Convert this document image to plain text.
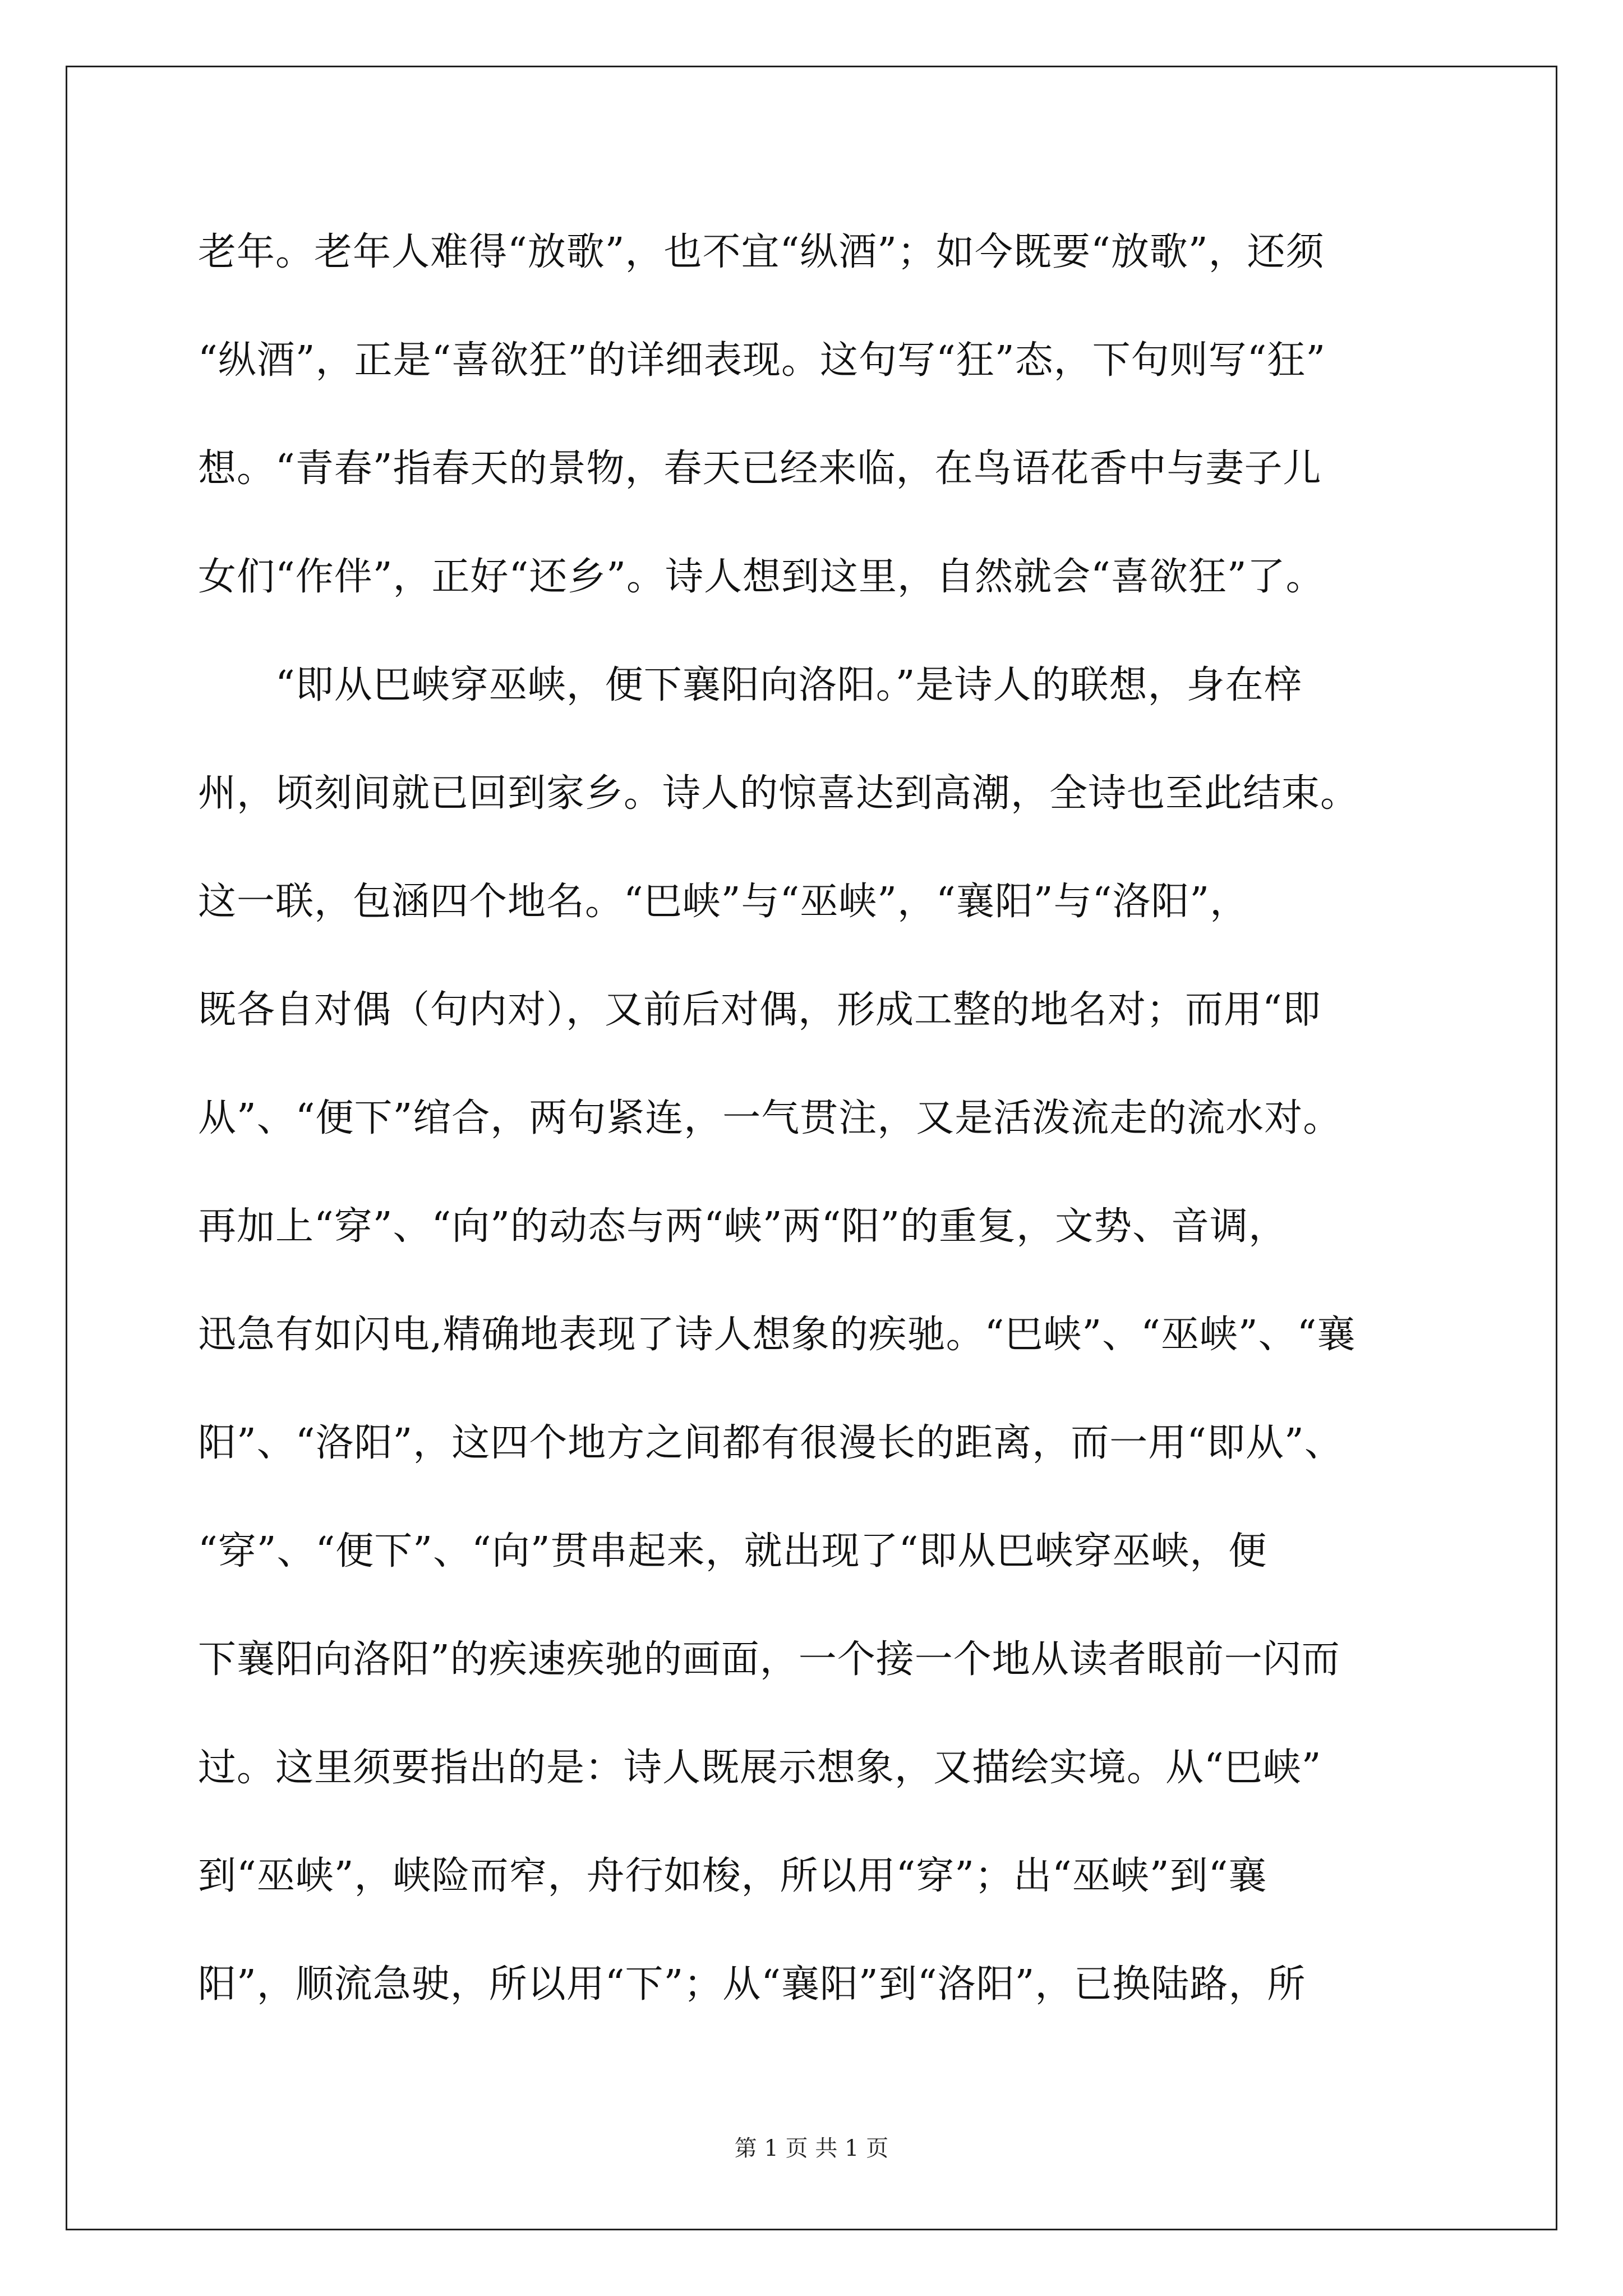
老年。老年人难得“放歌”，也不宜“纵酒”；如今既要“放歌”，还须
“纵酒”，正是“喜欲狂”的详细表现。这句写“狂”态，下句则写“狂”
想。“青春”指春天的景物，春天已经来临，在鸟语花香中与妻子儿
女们“作伴”，正好“还乡”。诗人想到这里，自然就会“喜欲狂”了。
“即从巴峡穿巫峡，便下襄阳向洛阳。”是诗人的联想，身在梓
州，顷刻间就已回到家乡。诗人的惊喜达到高潮，全诗也至此结束。
这一联，包涵四个地名。“巴峡”与“巫峡”，“襄阳”与“洛阳”，
既各自对偶（句内对），又前后对偶，形成工整的地名对；而用“即
从”、“便下”绾合，两句紧连，一气贯注，又是活泼流走的流水对。
再加上“穿”、“向”的动态与两“峡”两“阳”的重复，文势、音调，
迅急有如闪电,精确地表现了诗人想象的疾驰。“巴峡”、“巫峡”、“襄
阳”、“洛阳”，这四个地方之间都有很漫长的距离，而一用“即从”、
“穿”、“便下”、“向”贯串起来，就出现了“即从巴峡穿巫峡，便
下襄阳向洛阳”的疾速疾驰的画面，一个接一个地从读者眼前一闪而
过。这里须要指出的是：诗人既展示想象，又描绘实境。从“巴峡”
到“巫峡”，峡险而窄，舟行如梭，所以用“穿”；出“巫峡”到“襄
阳”，顺流急驶，所以用“下”；从“襄阳”到“洛阳”，已换陆路，所
第 1 页 共 1 页
